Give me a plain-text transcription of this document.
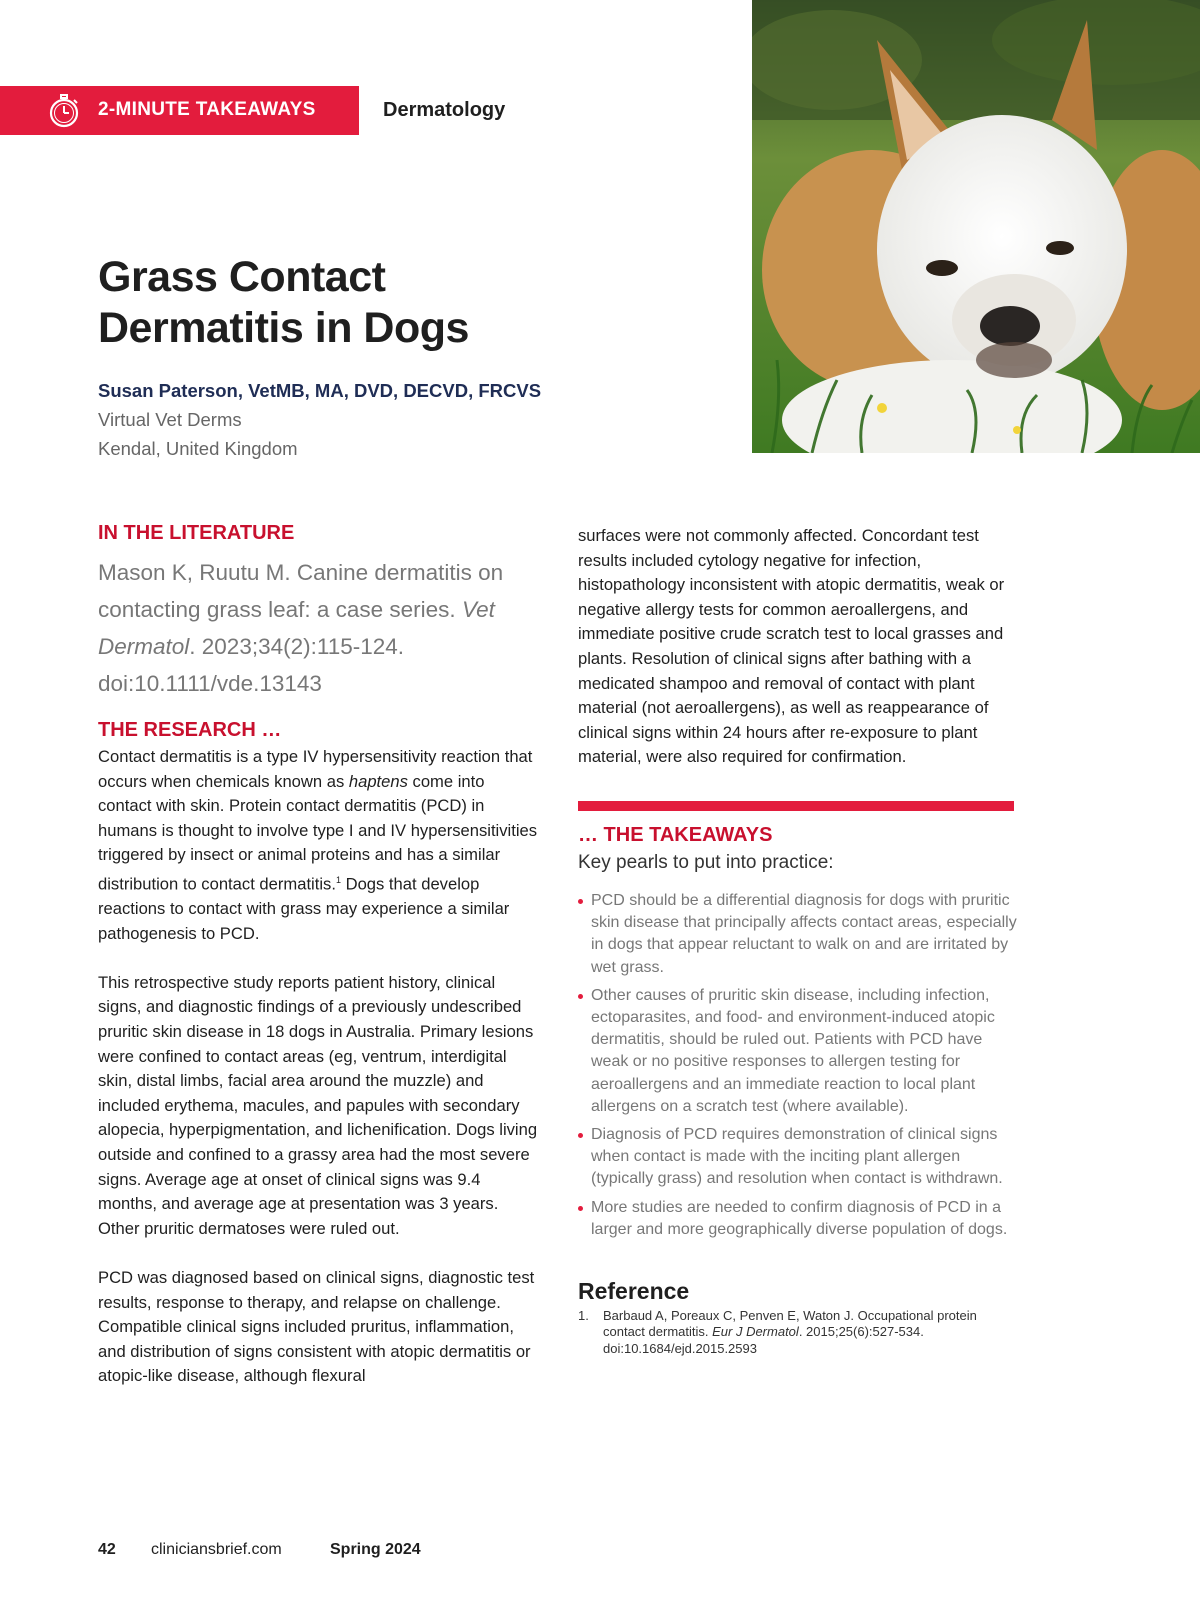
2-MINUTE TAKEAWAYS	Dermatology
Grass Contact
Dermatitis in Dogs
Susan Paterson, VetMB, MA, DVD, DECVD, FRCVS
Virtual Vet Derms
Kendal, United Kingdom
IN THE LITERATURE
Mason K, Ruutu M. Canine dermatitis on contacting grass leaf: a case series. Vet Dermatol. 2023;34(2):115-124. doi:10.1111/vde.13143
THE RESEARCH …

Contact dermatitis is a type IV hypersensitivity reaction that occurs when chemicals known as haptens come into contact with skin. Protein contact dermatitis (PCD) in humans is thought to involve type I and IV hypersensitivities triggered by insect or animal proteins and has a similar distribution to contact dermatitis.$^1$ Dogs that develop reactions to contact with grass may experience a similar pathogenesis to PCD.

This retrospective study reports patient history, clinical signs, and diagnostic findings of a previously undescribed pruritic skin disease in 18 dogs in Australia. Primary lesions were confined to contact areas (eg, ventrum, interdigital skin, distal limbs, facial area around the muzzle) and included erythema, macules, and papules with secondary alopecia, hyperpigmentation, and lichenification. Dogs living outside and confined to a grassy area had the most severe signs. Average age at onset of clinical signs was 9.4 months, and average age at presentation was 3 years. Other pruritic dermatoses were ruled out.

PCD was diagnosed based on clinical signs, diagnostic test results, response to therapy, and relapse on challenge. Compatible clinical signs included pruritus, inflammation, and distribution of signs consistent with atopic dermatitis or atopic-like disease, although flexural

surfaces were not commonly affected. Concordant test results included cytology negative for infection, histopathology inconsistent with atopic dermatitis, weak or negative allergy tests for common aeroallergens, and immediate positive crude scratch test to local grasses and plants. Resolution of clinical signs after bathing with a medicated shampoo and removal of contact with plant material (not aeroallergens), as well as reappearance of clinical signs within 24 hours after re-exposure to plant material, were also required for confirmation.

… THE TAKEAWAYS
Key pearls to put into practice:
PCD should be a differential diagnosis for dogs with pruritic skin disease that principally affects contact areas, especially in dogs that appear reluctant to walk on and are irritated by wet grass.
Other causes of pruritic skin disease, including infection, ectoparasites, and food- and environment-induced atopic dermatitis, should be ruled out. Patients with PCD have weak or no positive responses to allergen testing for aeroallergens and an immediate reaction to local plant allergens on a scratch test (where available).
Diagnosis of PCD requires demonstration of clinical signs when contact is made with the inciting plant allergen (typically grass) and resolution when contact is withdrawn.
More studies are needed to confirm diagnosis of PCD in a larger and more geographically diverse population of dogs.
Reference
1. Barbaud A, Poreaux C, Penven E, Waton J. Occupational protein contact dermatitis. Eur J Dermatol. 2015;25(6):527-534. doi:10.1684/ejd.2015.2593
42 cliniciansbrief.com	Spring 2024
